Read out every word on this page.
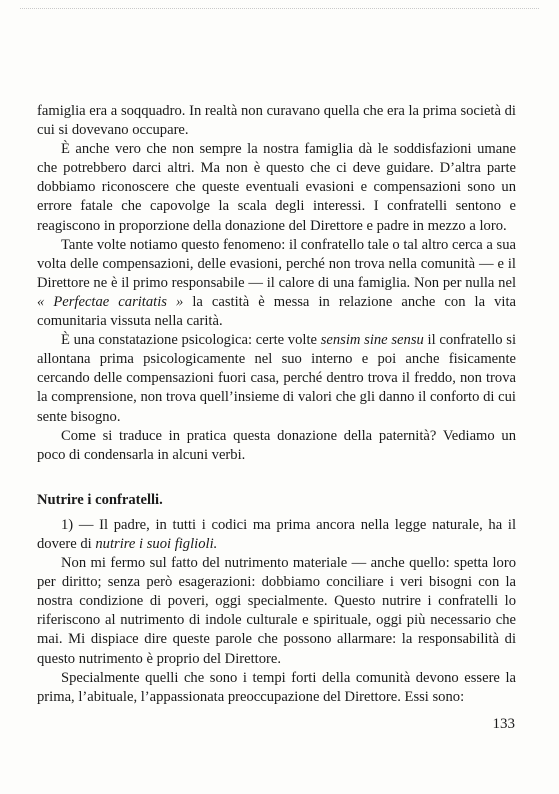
famiglia era a soqquadro. In realtà non curavano quella che era la prima società di cui si dovevano occupare.

È anche vero che non sempre la nostra famiglia dà le soddisfazioni umane che potrebbero darci altri. Ma non è questo che ci deve guidare. D’altra parte dobbiamo riconoscere che queste eventuali evasioni e compensazioni sono un errore fatale che capovolge la scala degli interessi. I confratelli sentono e reagiscono in proporzione della donazione del Direttore e padre in mezzo a loro.

Tante volte notiamo questo fenomeno: il confratello tale o tal altro cerca a sua volta delle compensazioni, delle evasioni, perché non trova nella comunità — e il Direttore ne è il primo responsabile — il calore di una famiglia. Non per nulla nel « Perfectae caritatis » la castità è messa in relazione anche con la vita comunitaria vissuta nella carità.

È una constatazione psicologica: certe volte sensim sine sensu il confratello si allontana prima psicologicamente nel suo interno e poi anche fisicamente cercando delle compensazioni fuori casa, perché dentro trova il freddo, non trova la comprensione, non trova quell’insieme di valori che gli danno il conforto di cui sente bisogno.

Come si traduce in pratica questa donazione della paternità? Vediamo un poco di condensarla in alcuni verbi.

Nutrire i confratelli.

1) — Il padre, in tutti i codici ma prima ancora nella legge naturale, ha il dovere di nutrire i suoi figlioli.

Non mi fermo sul fatto del nutrimento materiale — anche quello: spetta loro per diritto; senza però esagerazioni: dobbiamo conciliare i veri bisogni con la nostra condizione di poveri, oggi specialmente. Questo nutrire i confratelli lo riferiscono al nutrimento di indole culturale e spirituale, oggi più necessario che mai. Mi dispiace dire queste parole che possono allarmare: la responsabilità di questo nutrimento è proprio del Direttore.

Specialmente quelli che sono i tempi forti della comunità devono essere la prima, l’abituale, l’appassionata preoccupazione del Direttore. Essi sono:

133
